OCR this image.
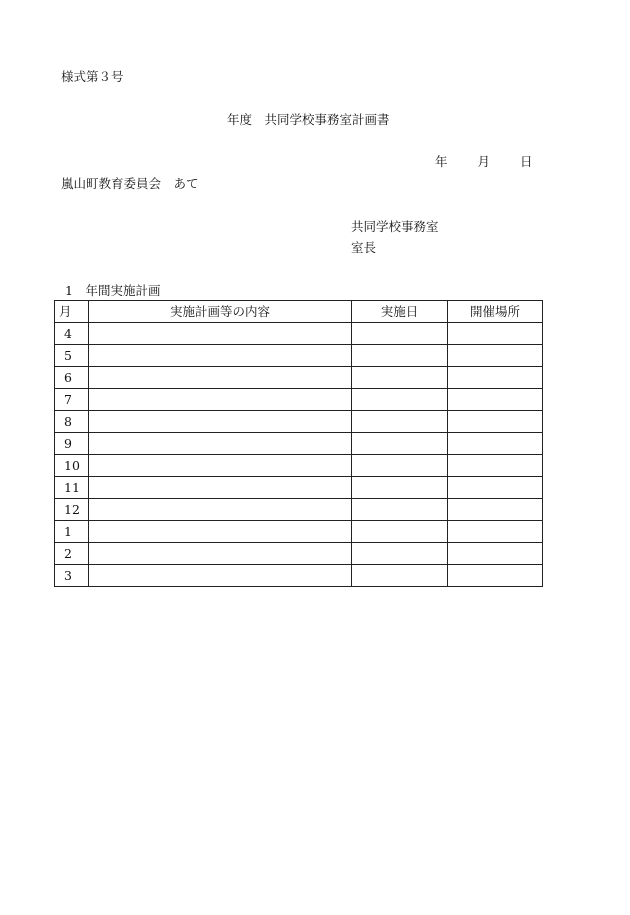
様式第３号
年度　共同学校事務室計画書
年 月 日
嵐山町教育委員会　あて
共同学校事務室
室長
1　年間実施計画
月	実施計画等の内容	実施日	開催場所
4			
5			
6			
7			
8			
9			
10			
11			
12			
1			
2			
3			
